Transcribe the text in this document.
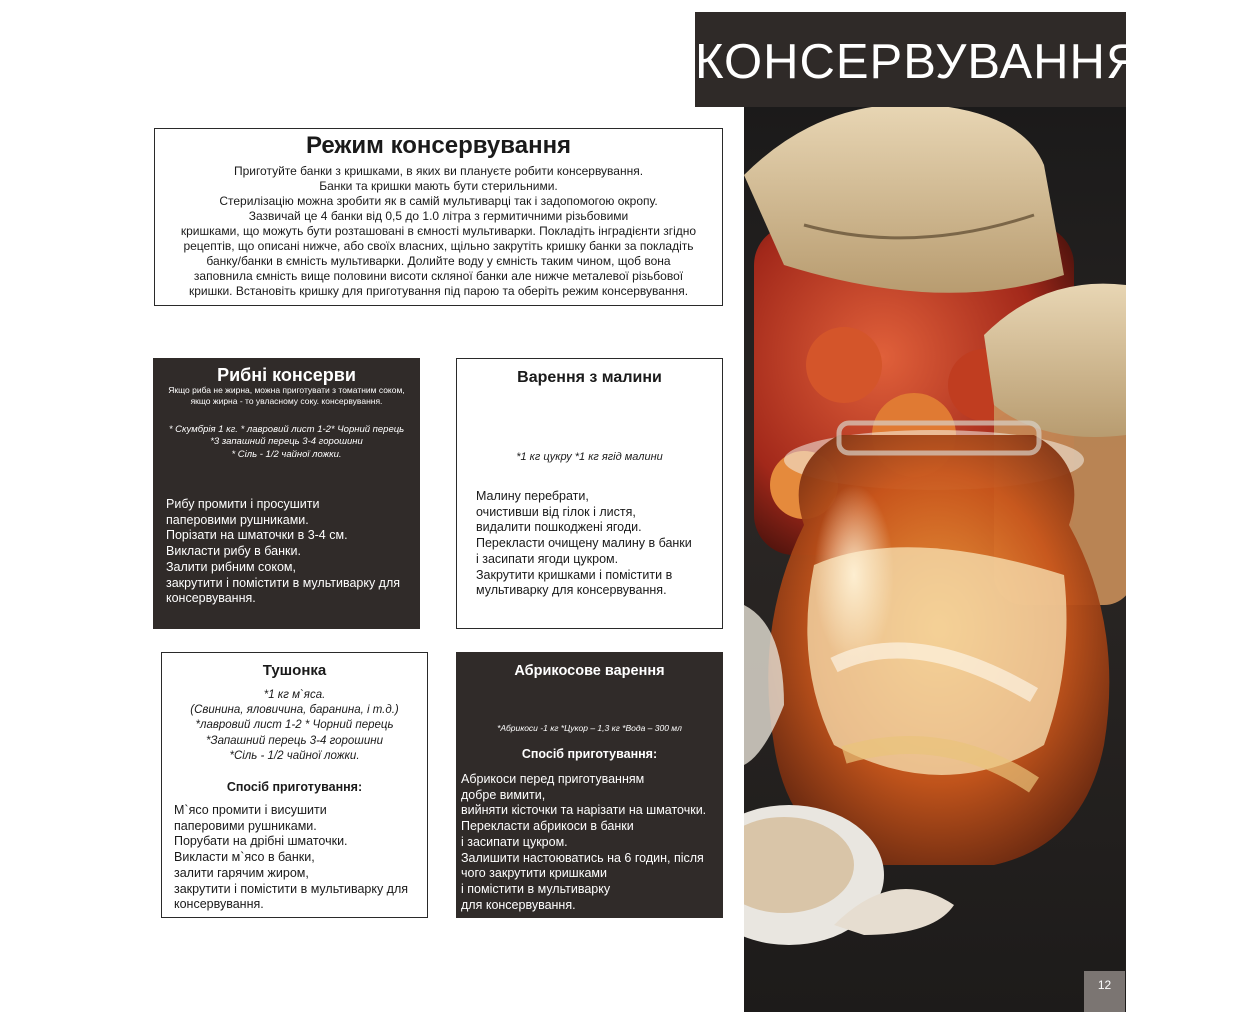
КОНСЕРВУВАННЯ
12
Режим консервування

Приготуйте банки з кришками, в яких ви плануєте робити консервування.
Банки та кришки мають бути стерильними.
Стерилізацію можна зробити як в самій мультиварці так і задопомогою окропу.
Зазвичай це 4 банки від 0,5 до 1.0 літра з гермитичними різьбовими
кришками, що можуть бути розташовані в ємності мультиварки. Покладіть інградієнти згідно
рецептів, що описані нижче, або своїх власних, щільно закрутіть кришку банки за покладіть
банку/банки в ємність мультиварки. Долийте воду у ємність таким чином, щоб вона
заповнила ємність вище половини висоти скляної банки але нижче металевої різьбової
кришки. Встановіть кришку для приготування під парою та оберіть режим консервування.

Рибні консерви
Якщо риба не жирна, можна приготувати з томатним соком,
якщо жирна - то увласному соку. консервування.
* Скумбрія 1 кг. * лавровий лист 1-2* Чорний перець
*3 запашний перець 3-4 горошини
* Сіль - 1/2 чайної ложки.

Рибу промити і просушити
паперовими рушниками.
Порізати на шматочки в 3-4 см.
Викласти рибу в банки.
Залити рибним соком,
закрутити і помістити в мультиварку для
консервування.

Варення з малини
*1 кг цукру *1 кг ягід малини

Малину перебрати,
очистивши від гілок і листя,
видалити пошкоджені ягоди.
Перекласти очищену малину в банки
і засипати ягоди цукром.
Закрутити кришками і помістити в
мультиварку для консервування.

Тушонка
*1 кг м`яса.
(Свинина, яловичина, баранина, і т.д.)
*лавровий лист 1-2 * Чорний перець
*Запашний перець 3-4 горошини
*Сіль - 1/2 чайної ложки.
Спосіб приготування:

М`ясо промити і висушити
паперовими рушниками.
Порубати на дрібні шматочки.
Викласти м`ясо в банки,
залити гарячим жиром,
закрутити і помістити в мультиварку для
консервування.

Абрикосове варення
*Абрикоси -1 кг *Цукор – 1,3 кг *Вода – 300 мл
Спосіб приготування:

Абрикоси перед приготуванням
добре вимити,
вийняти кісточки та нарізати на шматочки.
Перекласти абрикоси в банки
і засипати цукром.
Залишити настоюватись на 6 годин, після
чого закрутити кришками
і помістити в мультиварку
для консервування.
